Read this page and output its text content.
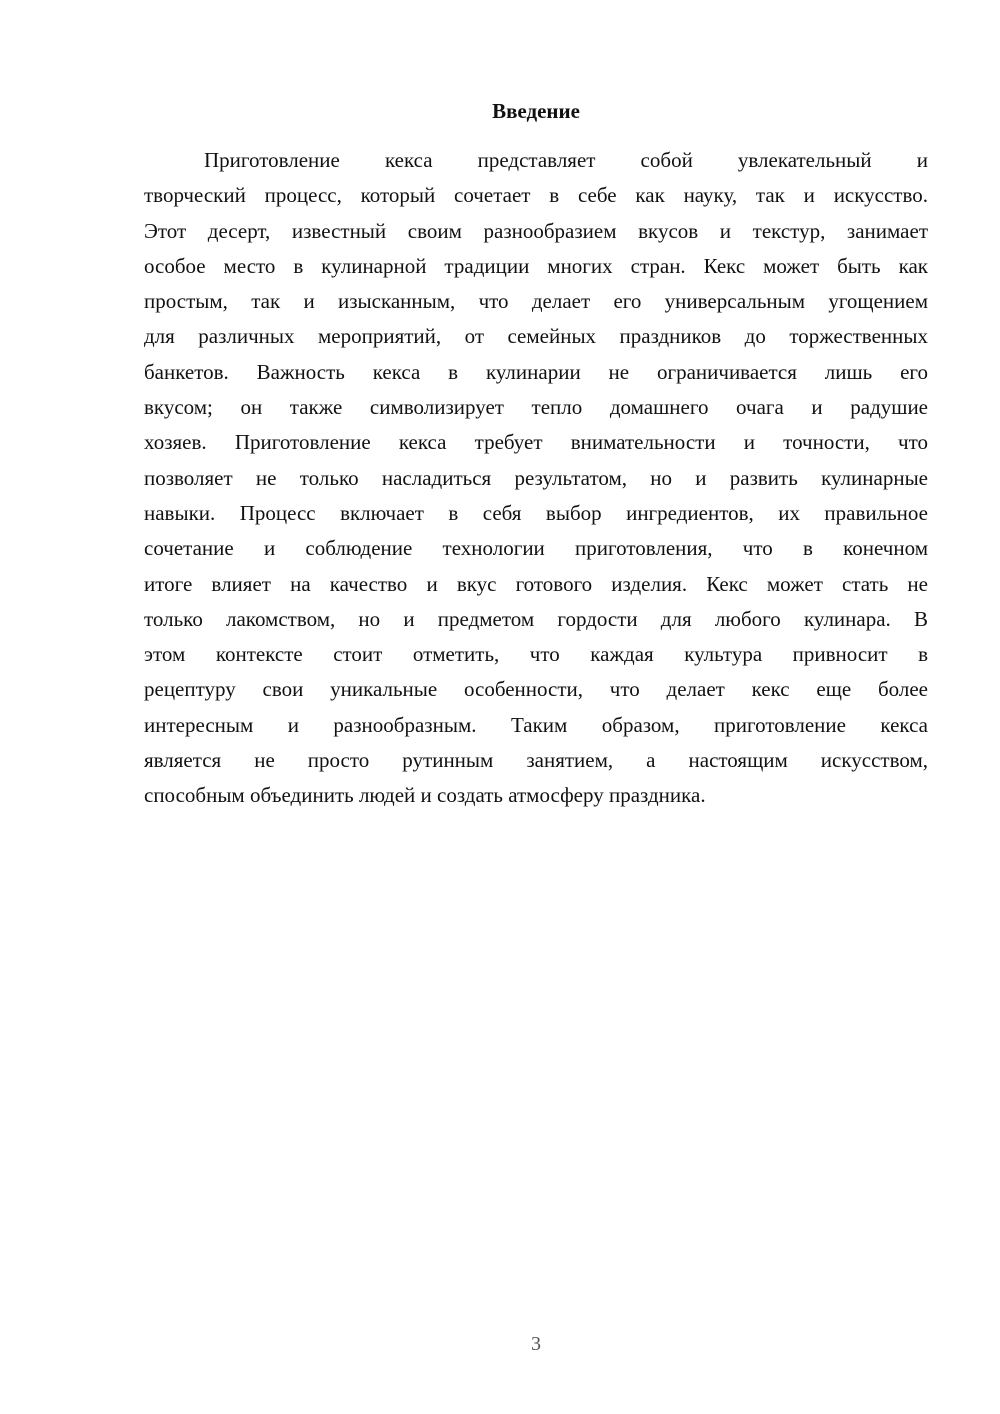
Введение
Приготовление кекса представляет собой увлекательный и
творческий процесс, который сочетает в себе как науку, так и искусство.
Этот десерт, известный своим разнообразием вкусов и текстур, занимает
особое место в кулинарной традиции многих стран. Кекс может быть как
простым, так и изысканным, что делает его универсальным угощением
для различных мероприятий, от семейных праздников до торжественных
банкетов. Важность кекса в кулинарии не ограничивается лишь его
вкусом; он также символизирует тепло домашнего очага и радушие
хозяев. Приготовление кекса требует внимательности и точности, что
позволяет не только насладиться результатом, но и развить кулинарные
навыки. Процесс включает в себя выбор ингредиентов, их правильное
сочетание и соблюдение технологии приготовления, что в конечном
итоге влияет на качество и вкус готового изделия. Кекс может стать не
только лакомством, но и предметом гордости для любого кулинара. В
этом контексте стоит отметить, что каждая культура привносит в
рецептуру свои уникальные особенности, что делает кекс еще более
интересным и разнообразным. Таким образом, приготовление кекса
является не просто рутинным занятием, а настоящим искусством,
способным объединить людей и создать атмосферу праздника.
3
